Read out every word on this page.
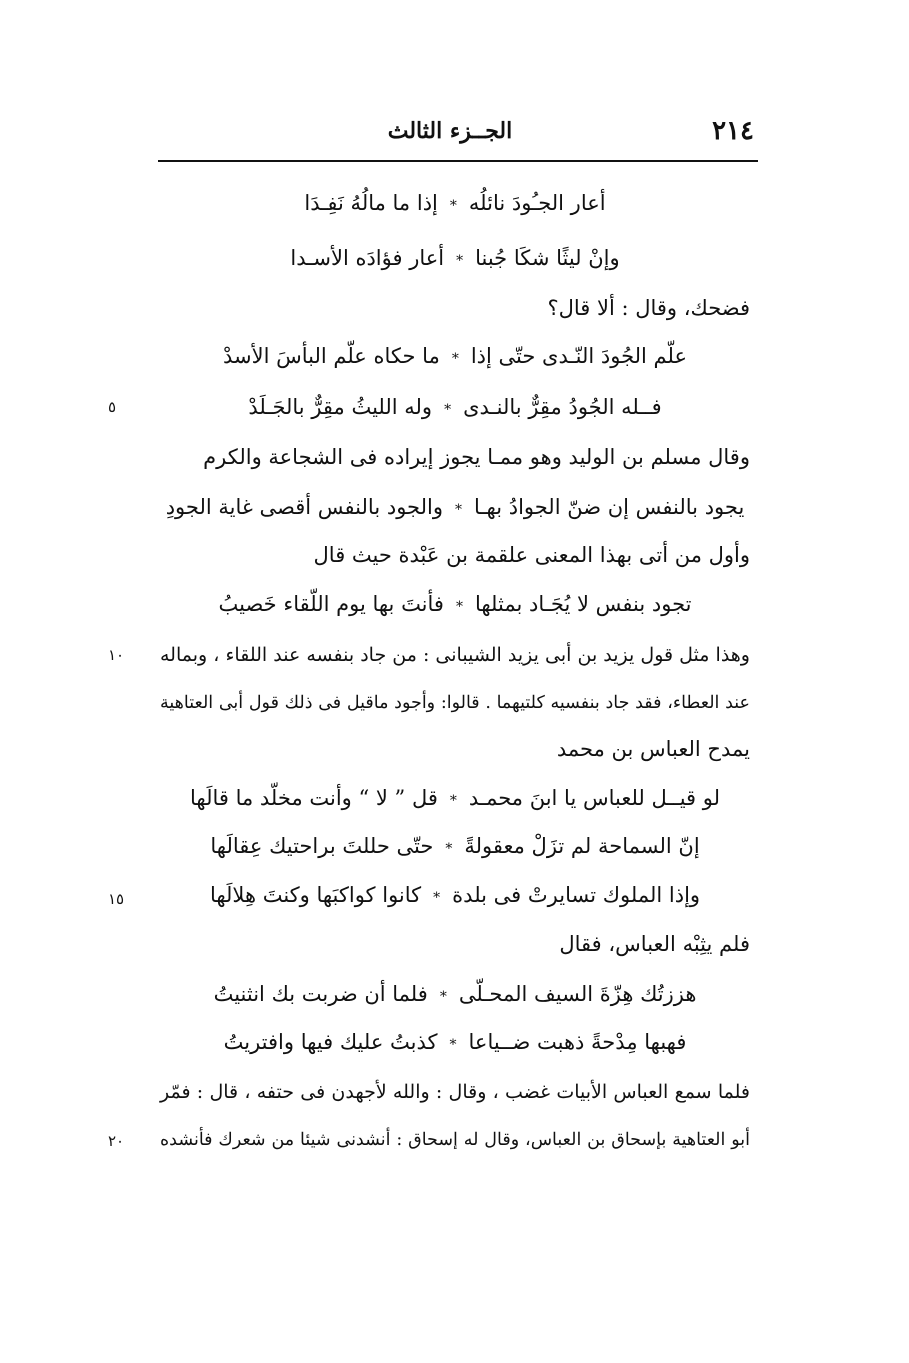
٢١٤
الجــزء الثالث
أعار الجـُودَ نائلُه
*
إذا ما مالُهُ نَفِـدَا
وإنْ ليثًا شكَا جُبنا
*
أعار فؤادَه الأسـدا
فضحك، وقال : ألا قال؟
علّم الجُودَ النّـدى حتّى إذا
*
ما حكاه علّم البأسَ الأسدْ
فــله الجُودُ مقِرٌّ بالنـدى
*
وله الليثُ مقِرٌّ بالجَـلَدْ
وقال مسلم بن الوليد وهو ممـا يجوز إيراده فى الشجاعة والكرم
يجود بالنفس إن ضنّ الجوادُ بهـا
*
والجود بالنفس أقصى غاية الجودِ
وأول من أتى بهذا المعنى علقمة بن عَبْدة حيث قال
تجود بنفس لا يُجَـاد بمثلها
*
فأنتَ بها يوم اللّقاء خَصيبُ
وهذا مثل قول يزيد بن أبى يزيد الشيبانى : من جاد بنفسه عند اللقاء ، وبماله
عند العطاء، فقد جاد بنفسيه كلتيهما . قالوا: وأجود ماقيل فى ذلك قول أبى العتاهية
يمدح العباس بن محمد
لو قيــل للعباس يا ابنَ محمـد
*
قل ” لا “ وأنت مخلّد ما قالَها
إنّ السماحة لم تزَلْ معقولةً
*
حتّى حللتَ براحتيك عِقالَها
وإذا الملوك تسايرتْ فى بلدة
*
كانوا كواكبَها وكنتَ هِلالَها
فلم يثِبْه العباس، فقال
هززتُك هِزّةَ السيف المحـلّى
*
فلما أن ضربت بك انثنيتُ
فهبها مِدْحةً ذهبت ضــياعا
*
كذبتُ عليك فيها وافتريتُ
فلما سمع العباس الأبيات غضب ، وقال : والله لأجهدن فى حتفه ، قال : فمّر
أبو العتاهية بإسحاق بن العباس، وقال له إسحاق : أنشدنى شيئا من شعرك فأنشده
٥
١٠
١٥
٢٠
